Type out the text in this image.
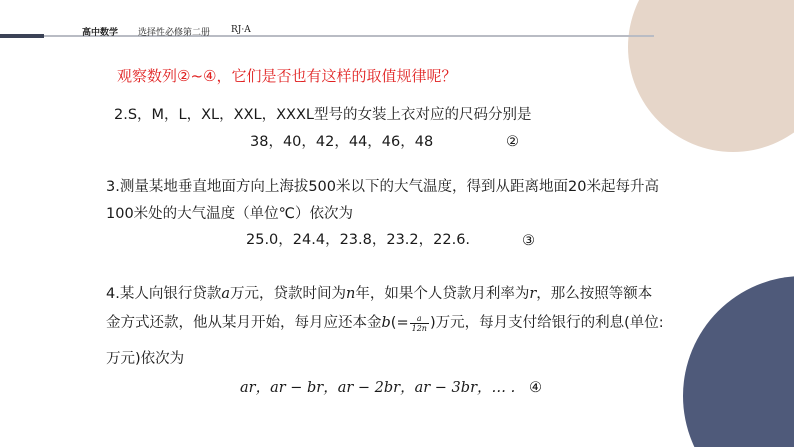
高中数学 选择性必修第二册 RJ·A
观察数列②~④，它们是否也有这样的取值规律呢？
2.S，M，L，XL，XXL，XXXL型号的女装上衣对应的尺码分别是
38，40，42，44，46，48	②
3.测量某地垂直地面方向上海拔500米以下的大气温度，得到从距离地面20米起每升高
100米处的大气温度（单位℃）依次为
25.0，24.4，23.8，23.2，22.6.	③
4.某人向银行贷款a万元，贷款时间为n年，如果个人贷款月利率为r，那么按照等额本
金方式还款，他从某月开始，每月应还本金$b(= \frac{a}{12n}$ )万元，每月支付给银行的利息(单位:
万元)依次为
ar，ar − br，ar − 2br，ar − 3br，… . ④
